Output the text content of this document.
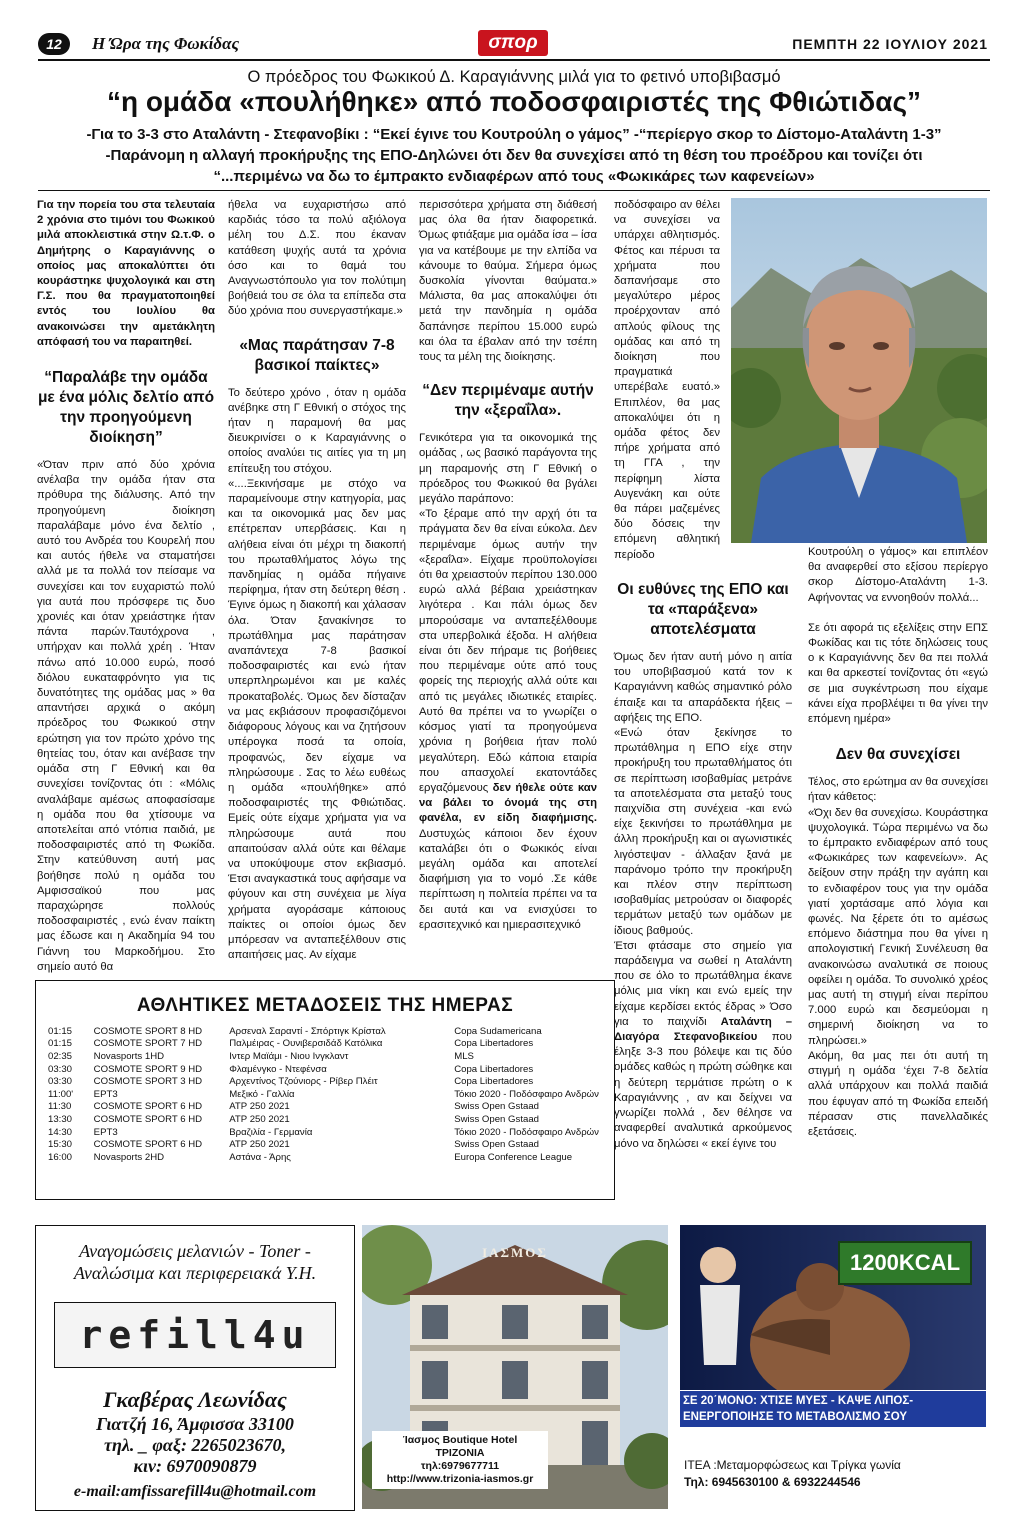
12	Η Ώρα της Φωκίδας	σπορ	ΠΕΜΠΤΗ 22 ΙΟΥΛΙΟΥ 2021
Ο πρόεδρος του Φωκικού Δ. Καραγιάννης μιλά για το φετινό υποβιβασμό
“η ομάδα «πουλήθηκε» από ποδοσφαιριστές της Φθιώτιδας”
-Για το 3-3 στο Αταλάντη - Στεφανοβίκι : “Εκεί έγινε του Κουτρούλη ο γάμος” -“περίεργο σκορ το Δίστομο-Αταλάντη 1-3”
-Παράνομη η αλλαγή προκήρυξης της ΕΠΟ-Δηλώνει ότι δεν θα συνεχίσει από τη θέση του προέδρου και τονίζει ότι
“...περιμένω να δω το έμπρακτο ενδιαφέρων από τους «Φωκικάρες των καφενείων»

Για την πορεία του στα τελευταία 2 χρόνια στο τιμόνι του Φωκικού μιλά αποκλειστικά στην Ω.τ.Φ. ο Δημήτρης ο Καραγιάννης ο οποίος μας αποκαλύπτει ότι κουράστηκε ψυχολογικά και στη Γ.Σ. που θα πραγματοποιηθεί εντός του Ιουλίου θα ανακοινώσει την αμετάκλητη απόφασή του να παραιτηθεί.

“Παραλάβε την ομάδα με ένα μόλις δελτίο από την προηγούμενη διοίκηση”

«Όταν πριν από δύο χρόνια ανέλαβα την ομάδα ήταν στα πρόθυρα της διάλυσης. Από την προηγούμενη διοίκηση παραλάβαμε μόνο ένα δελτίο , αυτό του Ανδρέα του Κουρελή που και αυτός ήθελε να σταματήσει αλλά με τα πολλά τον πείσαμε να συνεχίσει και τον ευχαριστώ πολύ για αυτά που πρόσφερε τις δυο χρονιές και όταν χρειάστηκε ήταν πάντα παρών.Ταυτόχρονα , υπήρχαν και πολλά χρέη . Ήταν πάνω από 10.000 ευρώ, ποσό διόλου ευκαταφρόνητο για τις δυνατότητες της ομάδας μας » θα απαντήσει αρχικά ο ακόμη πρόεδρος του Φωκικού στην ερώτηση για τον πρώτο χρόνο της θητείας του, όταν και ανέβασε την ομάδα στη Γ Εθνική και θα συνεχίσει τονίζοντας ότι : «Μόλις αναλάβαμε αμέσως αποφασίσαμε η ομάδα που θα χτίσουμε να αποτελείται από ντόπια παιδιά, με ποδοσφαιριστές από τη Φωκίδα. Στην κατεύθυνση αυτή μας βοήθησε πολύ η ομάδα του Αμφισσαϊκού που μας παραχώρησε πολλούς ποδοσφαιριστές , ενώ έναν παίκτη μας έδωσε και η Ακαδημία 94 του Γιάννη του Μαρκοδήμου. Στο σημείο αυτό θα

ήθελα να ευχαριστήσω από καρδιάς τόσο τα πολύ αξιόλογα μέλη του Δ.Σ. που έκαναν κατάθεση ψυχής αυτά τα χρόνια όσο και το θαμά του Αναγνωστόπουλο για τον πολύτιμη βοήθειά του σε όλα τα επίπεδα στα δύο χρόνια που συνεργαστήκαμε.»

«Μας παράτησαν 7-8 βασικοί παίκτες»

Το δεύτερο χρόνο , όταν η ομάδα ανέβηκε στη Γ Εθνική ο στόχος της ήταν η παραμονή θα μας διευκρινίσει ο κ Καραγιάννης ο οποίος αναλύει τις αιτίες για τη μη επίτευξη του στόχου.

«....Ξεκινήσαμε με στόχο να παραμείνουμε στην κατηγορία, μας και τα οικονομικά μας δεν μας επέτρεπαν υπερβάσεις. Και η αλήθεια είναι ότι μέχρι τη διακοπή του πρωταθλήματος λόγω της πανδημίας η ομάδα πήγαινε περίφημα, ήταν στη δεύτερη θέση . Έγινε όμως η διακοπή και χάλασαν όλα. Όταν ξανακίνησε το πρωτάθλημα μας παράτησαν αναπάντεχα 7-8 βασικοί ποδοσφαιριστές και ενώ ήταν υπερπληρωμένοι και με καλές προκαταβολές. Όμως δεν δίσταζαν να μας εκβιάσουν προφασιζόμενοι διάφορους λόγους και να ζητήσουν υπέρογκα ποσά τα οποία, προφανώς, δεν είχαμε να πληρώσουμε . Σας το λέω ευθέως η ομάδα «πουλήθηκε» από ποδοσφαιριστές της Φθιώτιδας. Εμείς ούτε είχαμε χρήματα για να πληρώσουμε αυτά που απαιτούσαν αλλά ούτε και θέλαμε να υποκύψουμε στον εκβιασμό. Έτσι αναγκαστικά τους αφήσαμε να φύγουν και στη συνέχεια με λίγα χρήματα αγοράσαμε κάποιους παίκτες οι οποίοι όμως δεν μπόρεσαν να ανταπεξέλθουν στις απαιτήσεις μας. Αν είχαμε

περισσότερα χρήματα στη διάθεσή μας όλα θα ήταν διαφορετικά. Όμως φτιάξαμε μια ομάδα ίσα – ίσα για να κατέβουμε με την ελπίδα να κάνουμε το θαύμα. Σήμερα όμως δυσκολία γίνονται θαύματα.» Μάλιστα, θα μας αποκαλύψει ότι μετά την πανδημία η ομάδα δαπάνησε περίπου 15.000 ευρώ και όλα τα έβαλαν από την τσέπη τους τα μέλη της διοίκησης.

“Δεν περιμέναμε αυτήν την «ξεραΐλα».

Γενικότερα για τα οικονομικά της ομάδας , ως βασικό παράγοντα της μη παραμονής στη Γ Εθνική ο πρόεδρος του Φωκικού θα βγάλει μεγάλο παράπονο:

«Το ξέραμε από την αρχή ότι τα πράγματα δεν θα είναι εύκολα. Δεν περιμέναμε όμως αυτήν την «ξεραΐλα». Είχαμε προϋπολογίσει ότι θα χρειαστούν περίπου 130.000 ευρώ αλλά βέβαια χρειάστηκαν λιγότερα . Και πάλι όμως δεν μπορούσαμε να ανταπεξέλθουμε στα υπερβολικά έξοδα. Η αλήθεια είναι ότι δεν πήραμε τις βοήθειες που περιμέναμε ούτε από τους φορείς της περιοχής αλλά ούτε και από τις μεγάλες ιδιωτικές εταιρίες. Αυτό θα πρέπει να το γνωρίζει ο κόσμος γιατί τα προηγούμενα χρόνια η βοήθεια ήταν πολύ μεγαλύτερη. Εδώ κάποια εταιρία που απασχολεί εκατοντάδες εργαζόμενους δεν ήθελε ούτε καν να βάλει το όνομά της στη φανέλα, εν είδη διαφήμισης. Δυστυχώς κάποιοι δεν έχουν καταλάβει ότι ο Φωκικός είναι μεγάλη ομάδα και αποτελεί διαφήμιση για το νομό .Σε κάθε περίπτωση η πολιτεία πρέπει να τα δει αυτά και να ενισχύσει το ερασιτεχνικό και ημιερασιτεχνικό

ποδόσφαιρο αν θέλει να συνεχίσει να υπάρχει αθλητισμός. Φέτος και πέρυσι τα χρήματα που δαπανήσαμε στο μεγαλύτερο μέρος προέρχονταν από απλούς φίλους της ομάδας και από τη διοίκηση που πραγματικά υπερέβαλε ευατό.» Επιπλέον, θα μας αποκαλύψει ότι η ομάδα φέτος δεν πήρε χρήματα από τη ΓΓΑ , την περίφημη λίστα Αυγενάκη και ούτε θα πάρει μαζεμένες δύο δόσεις την επόμενη αθλητική περίοδο

Οι ευθύνες της ΕΠΟ και τα «παράξενα» αποτελέσματα

Όμως δεν ήταν αυτή μόνο η αιτία του υποβιβασμού κατά τον κ Καραγιάννη καθώς σημαντικό ρόλο έπαιξε και τα απαράδεκτα ήξεις – αφήξεις της ΕΠΟ.

«Ενώ όταν ξεκίνησε το πρωτάθλημα η ΕΠΟ είχε στην προκήρυξη του πρωταθλήματος ότι σε περίπτωση ισοβαθμίας μετράνε τα αποτελέσματα στα μεταξύ τους παιχνίδια στη συνέχεια -και ενώ είχε ξεκινήσει το πρωτάθλημα με άλλη προκήρυξη και οι αγωνιστικές λιγόστεψαν - άλλαξαν ξανά με παράνομο τρόπο την προκήρυξη και πλέον στην περίπτωση ισοβαθμίας μετρούσαν οι διαφορές τερμάτων μεταξύ των ομάδων με ίδιους βαθμούς.

Έτσι φτάσαμε στο σημείο για παράδειγμα να σωθεί η Αταλάντη που σε όλο το πρωτάθλημα έκανε μόλις μια νίκη και ενώ εμείς την είχαμε κερδίσει εκτός έδρας » Όσο για το παιχνίδι Αταλάντη – Διαγόρα Στεφανοβικείου που έληξε 3-3 που βόλεψε και τις δύο ομάδες καθώς η πρώτη σώθηκε και η δεύτερη τερμάτισε πρώτη ο κ Καραγιάννης , αν και δείχνει να γνωρίζει πολλά , δεν θέλησε να αναφερθεί αναλυτικά αρκούμενος μόνο να δηλώσει « εκεί έγινε του

Κουτρούλη ο γάμος» και επιπλέον θα αναφερθεί στο εξίσου περίεργο σκορ Δίστομο-Αταλάντη 1-3. Αφήνοντας να εννοηθούν πολλά...

Σε ότι αφορά τις εξελίξεις στην ΕΠΣ Φωκίδας και τις τότε δηλώσεις τους ο κ Καραγιάννης δεν θα πει πολλά και θα αρκεστεί τονίζοντας ότι «εγώ σε μια συγκέντρωση που είχαμε κάνει είχα προβλέψει τι θα γίνει την επόμενη ημέρα»

Δεν θα συνεχίσει

Τέλος, στο ερώτημα αν θα συνεχίσει ήταν κάθετος:

«Όχι δεν θα συνεχίσω. Κουράστηκα ψυχολογικά. Τώρα περιμένω να δω το έμπρακτο ενδιαφέρων από τους «Φωκικάρες των καφενείων». Ας δείξουν στην πράξη την αγάπη και το ενδιαφέρον τους για την ομάδα γιατί χορτάσαμε από λόγια και φωνές. Να ξέρετε ότι το αμέσως επόμενο διάστημα που θα γίνει η απολογιστική Γενική Συνέλευση θα ανακοινώσω αναλυτικά σε ποιους οφείλει η ομάδα. Το συνολικό χρέος μας αυτή τη στιγμή είναι περίπου 7.000 ευρώ και δεσμεύομαι η σημερινή διοίκηση να το πληρώσει.»

Ακόμη, θα μας πει ότι αυτή τη στιγμή η ομάδα ‘έχει 7-8 δελτία αλλά υπάρχουν και πολλά παιδιά που έφυγαν από τη Φωκίδα επειδή πέρασαν στις πανελλαδικές εξετάσεις.

ΑΘΛΗΤΙΚΕΣ ΜΕΤΑΔΟΣΕΙΣ ΤΗΣ ΗΜΕΡΑΣ
01:15	COSMOTE SPORT 8 HD	Αρσεναλ Σαραντί - Σπόρτιγκ Κρίσταλ	Copa Sudamericana
01:15	COSMOTE SPORT 7 HD	Παλμέιρας - Ουνιβερσιδάδ Κατόλικα	Copa Libertadores
02:35	Novasports 1HD	Ιντερ Μαϊάμι - Νιου Ινγκλαντ	MLS
03:30	COSMOTE SPORT 9 HD	Φλαμένγκο - Ντεφένσα	Copa Libertadores
03:30	COSMOTE SPORT 3 HD	Αρχεντίνος Τζούνιορς - Ρίβερ Πλέιτ	Copa Libertadores
11:00'	ΕΡΤ3	Μεξικό - Γαλλία	Τόκιο 2020 - Ποδόσφαιρο Ανδρών
11:30	COSMOTE SPORT 6 HD	ATP 250 2021	Swiss Open Gstaad
13:30	COSMOTE SPORT 6 HD	ATP 250 2021	Swiss Open Gstaad
14:30	ΕΡΤ3	Βραζιλία - Γερμανία	Τόκιο 2020 - Ποδόσφαιρο Ανδρών
15:30	COSMOTE SPORT 6 HD	ATP 250 2021	Swiss Open Gstaad
16:00	Novasports 2HD	Αστάνα - Άρης	Europa Conference League
Αναγομώσεις μελανιών - Toner -
Αναλώσιμα και περιφερειακά Υ.Η.
refill4u
Γκαβέρας Λεωνίδας
Γιατζή 16, Άμφισσα 33100
τηλ. _ φαξ: 2265023670,
κιν: 6970090879
e-mail:amfissarefill4u@hotmail.com
ΙΑΣΜΟΣ
Ίασμος Boutique Hotel
ΤΡΙΖΟΝΙΑ
τηλ:6979677711
http://www.trizonia-iasmos.gr
1200KCAL
ΣΕ 20΄ΜΟΝΟ: ΧΤΙΣΕ ΜΥΕΣ - ΚΑΨΕ ΛΙΠΟΣ-ΕΝΕΡΓΟΠΟΙΗΣΕ ΤΟ ΜΕΤΑΒΟΛΙΣΜΟ ΣΟΥ
ΙΤΕΑ :Μεταμορφώσεως και Τρίγκα γωνία
Τηλ: 6945630100 & 6932244546
